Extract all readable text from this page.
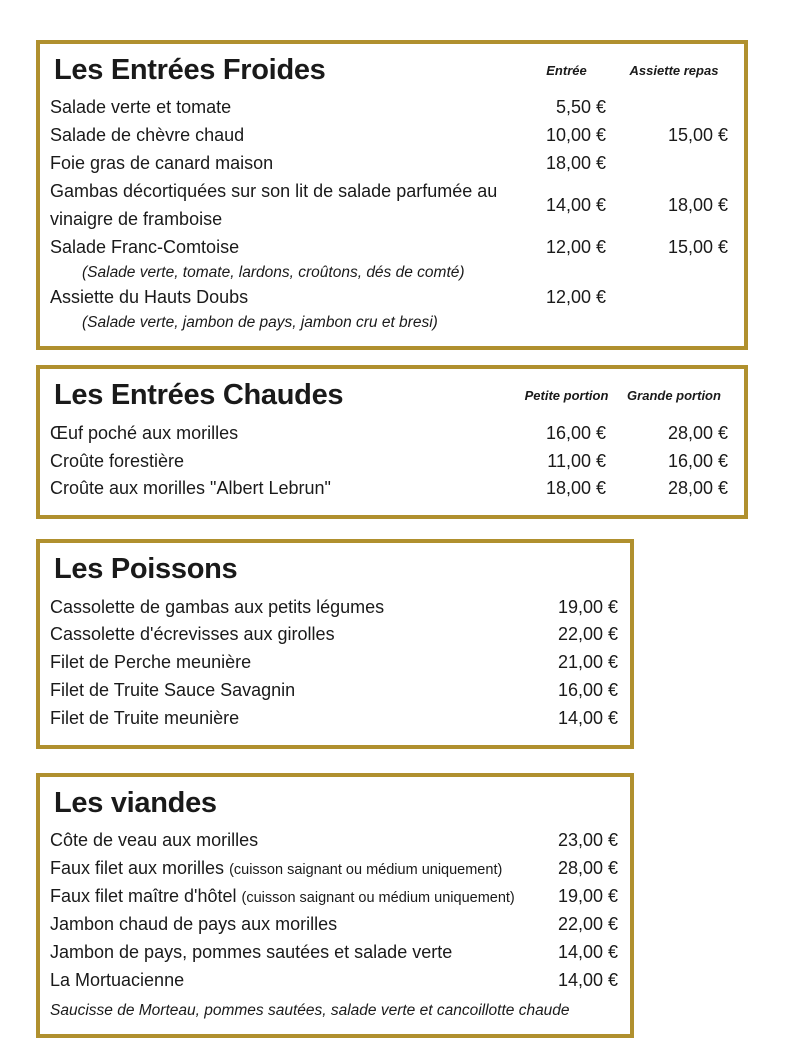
Les Entrées Froides	Entrée	Assiette repas
Salade verte et tomate	5,50 €
Salade de chèvre chaud	10,00 €	15,00 €
Foie gras de canard maison	18,00 €
Gambas décortiquées sur son lit de salade parfumée au vinaigre de framboise
14,00 €	18,00 €
Salade Franc-Comtoise	12,00 €	15,00 €
(Salade verte, tomate, lardons, croûtons, dés de comté)
Assiette du Hauts Doubs	12,00 €
(Salade verte, jambon de pays, jambon cru et bresi)
Les Entrées Chaudes	Petite portion	Grande portion
Œuf poché aux morilles	16,00 €	28,00 €
Croûte forestière	11,00 €	16,00 €
Croûte aux morilles "Albert Lebrun"	18,00 €	28,00 €
Les Poissons
Cassolette de gambas aux petits légumes	19,00 €
Cassolette d'écrevisses aux girolles	22,00 €
Filet de Perche meunière	21,00 €
Filet de Truite Sauce Savagnin	16,00 €
Filet de Truite meunière	14,00 €
Les viandes
Côte de veau aux morilles	23,00 €
Faux filet aux morilles (cuisson saignant ou médium uniquement)	28,00 €
Faux filet maître d'hôtel (cuisson saignant ou médium uniquement)	19,00 €
Jambon chaud de pays aux morilles	22,00 €
Jambon de pays, pommes sautées et salade verte	14,00 €
La Mortuacienne	14,00 €
Saucisse de Morteau, pommes sautées, salade verte et cancoillotte chaude
